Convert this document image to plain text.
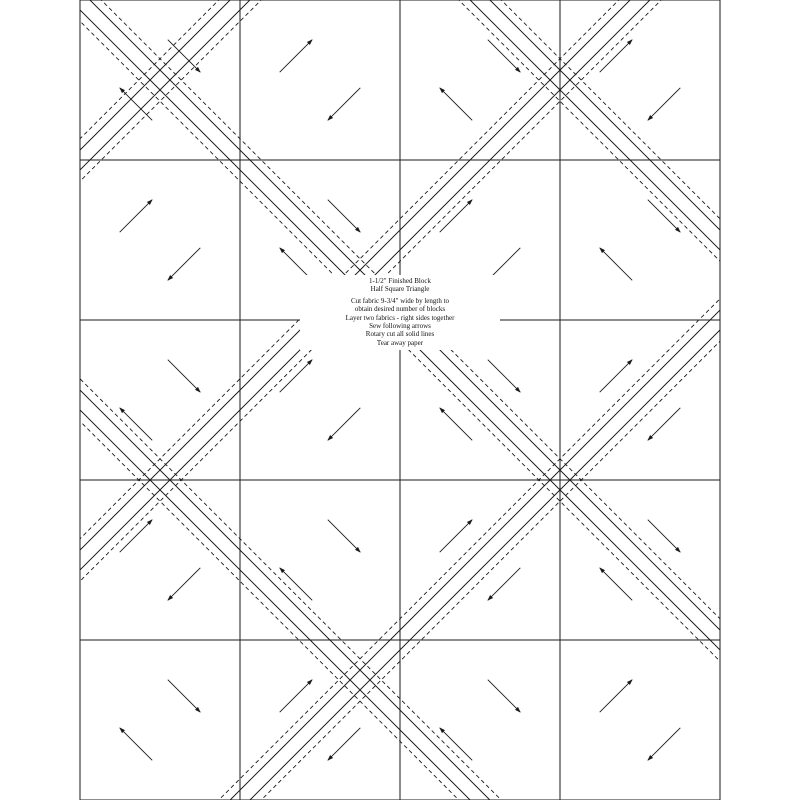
1-1/2" Finished Block
Half Square Triangle
Cut fabric 9-3/4" wide by length to
obtain desired number of blocks
Layer two fabrics - right sides together
Sew following arrows
Rotary cut all solid lines
Tear away paper
